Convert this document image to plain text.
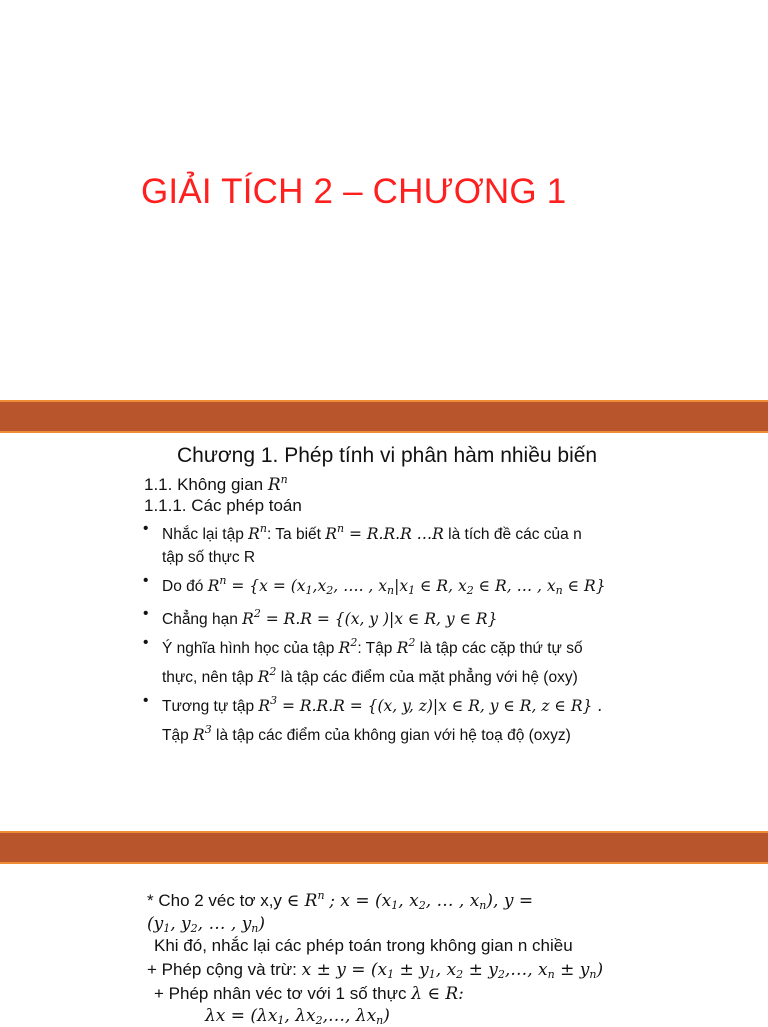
GIẢI TÍCH 2 – CHƯƠNG 1
Chương 1. Phép tính vi phân hàm nhiều biến
1.1. Không gian $R^n$
1.1.1. Các phép toán
• Nhắc lại tập $R^n$: Ta biết $R^n = R.R.R$ …R là tích đề các của n
tập số thực R
• Do đó $R^n = \{x = (x_1,x_2$, …. , $x_n|x_1$ ∈ R, $x_2$ ∈ R, … , $x_n$ ∈ R}
• Chẳng hạn $R^2 = R.R = \{(x$, y )|x ∈ R, y ∈ R}
• Ý nghĩa hình học của tập $R^2$: Tập $R^2$ là tập các cặp thứ tự số
thực, nên tập $R^2$ là tập các điểm của mặt phẳng với hệ (oxy)
• Tương tự tập $R^3 = R.R.R = \{(x$, y, z)|x ∈ R, y ∈ R, z ∈ R} .
Tập $R^3$ là tập các điểm của không gian với hệ toạ độ (oxyz)
* Cho 2 véc tơ x,y ∈ $R^n$ ; $x = (x_1$, $x_2$, … , $x_n$), y =
($y_1$, $y_2$, … , $y_n$)
Khi đó, nhắc lại các phép toán trong không gian n chiều
+ Phép cộng và trừ: $x \pm y = (x_1 \pm y_1$, $x_2$ ± $y_2,\dots$, $x_n \pm y_n$)
+ Phép nhân véc tơ với 1 số thực λ ∈ R:
$\lambda x = (\lambda x_1$, $\lambda x_2,\dots$, $\lambda x_n$)
